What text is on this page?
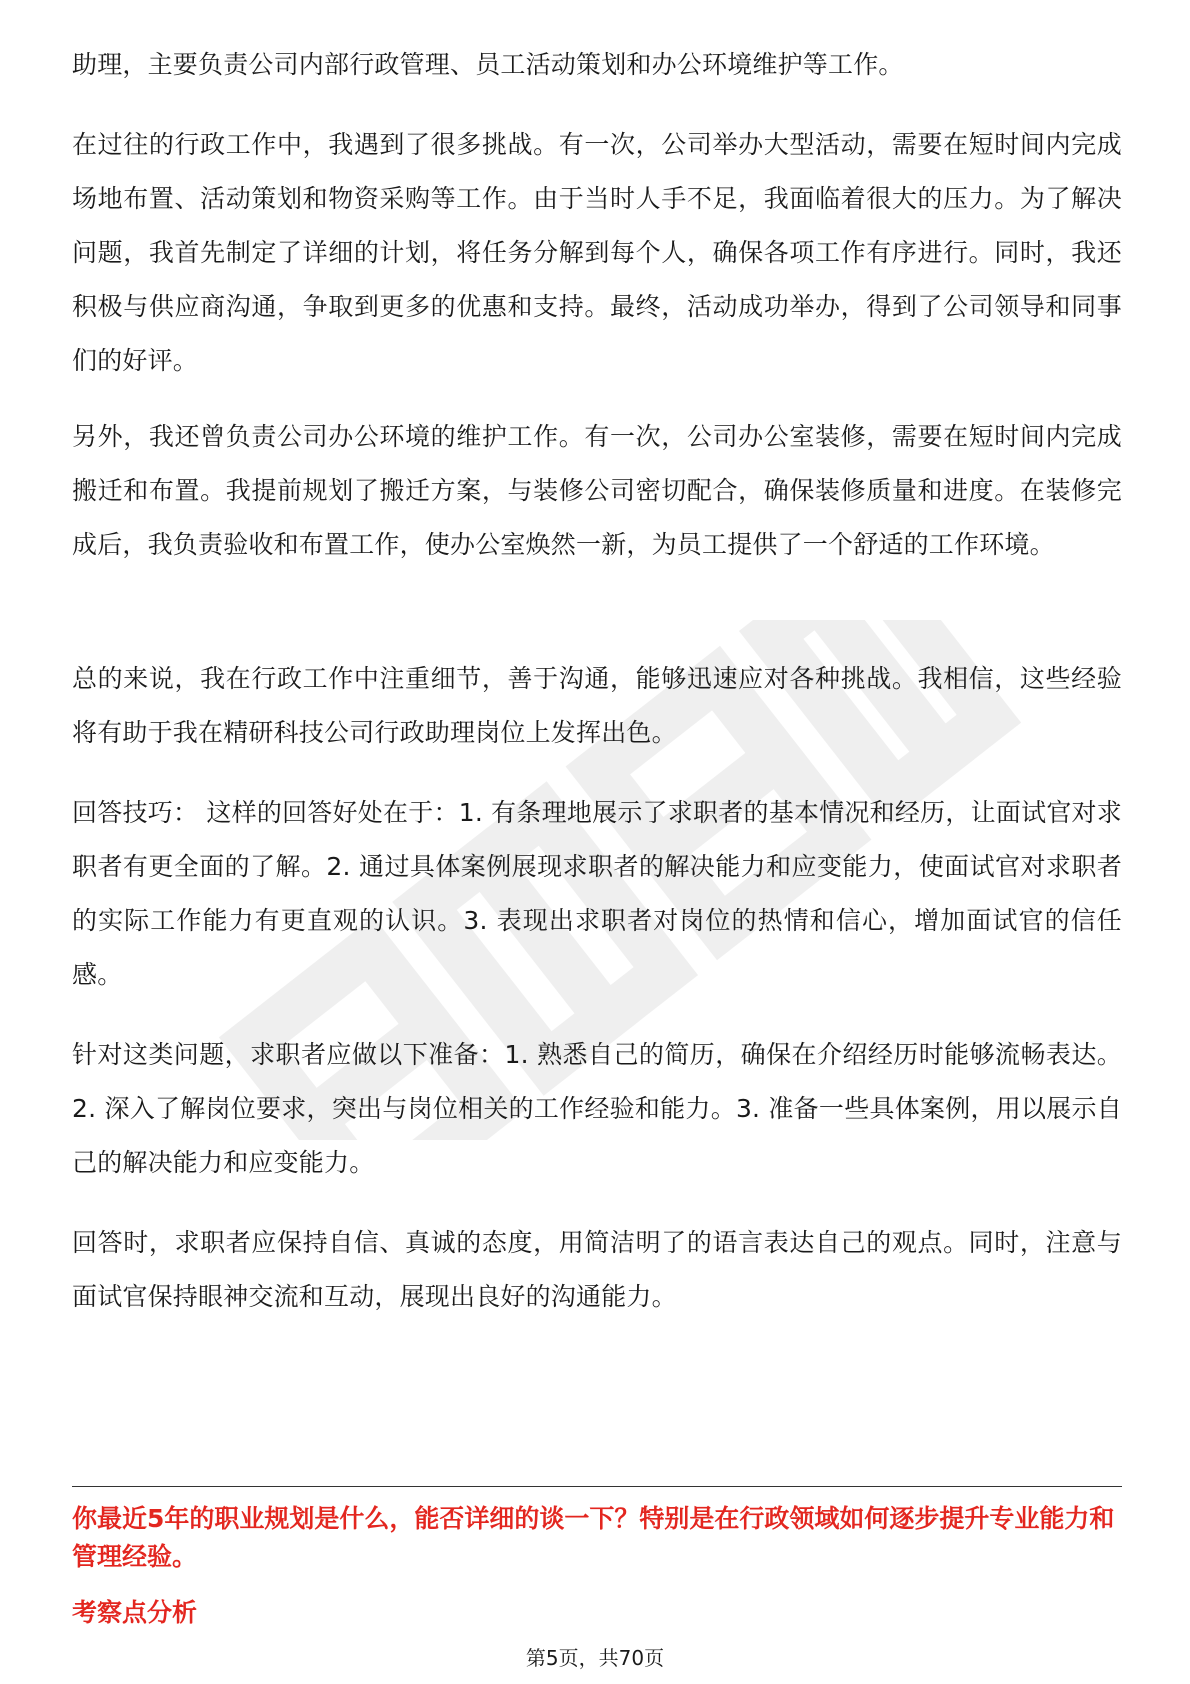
助理，主要负责公司内部行政管理、员工活动策划和办公环境维护等工作。

在过往的行政工作中，我遇到了很多挑战。有一次，公司举办大型活动，需要在短时间内完成场地布置、活动策划和物资采购等工作。由于当时人手不足，我面临着很大的压力。为了解决问题，我首先制定了详细的计划，将任务分解到每个人，确保各项工作有序进行。同时，我还积极与供应商沟通，争取到更多的优惠和支持。最终，活动成功举办，得到了公司领导和同事们的好评。

另外，我还曾负责公司办公环境的维护工作。有一次，公司办公室装修，需要在短时间内完成搬迁和布置。我提前规划了搬迁方案，与装修公司密切配合，确保装修质量和进度。在装修完成后，我负责验收和布置工作，使办公室焕然一新，为员工提供了一个舒适的工作环境。

总的来说，我在行政工作中注重细节，善于沟通，能够迅速应对各种挑战。我相信，这些经验将有助于我在精研科技公司行政助理岗位上发挥出色。

回答技巧： 这样的回答好处在于：1. 有条理地展示了求职者的基本情况和经历，让面试官对求职者有更全面的了解。2. 通过具体案例展现求职者的解决能力和应变能力，使面试官对求职者的实际工作能力有更直观的认识。3. 表现出求职者对岗位的热情和信心，增加面试官的信任感。

针对这类问题，求职者应做以下准备：1. 熟悉自己的简历，确保在介绍经历时能够流畅表达。2. 深入了解岗位要求，突出与岗位相关的工作经验和能力。3. 准备一些具体案例，用以展示自己的解决能力和应变能力。

回答时，求职者应保持自信、真诚的态度，用简洁明了的语言表达自己的观点。同时，注意与面试官保持眼神交流和互动，展现出良好的沟通能力。

你最近5年的职业规划是什么，能否详细的谈一下？特别是在行政领域如何逐步提升专业能力和管理经验。

考察点分析

第5页，共70页
